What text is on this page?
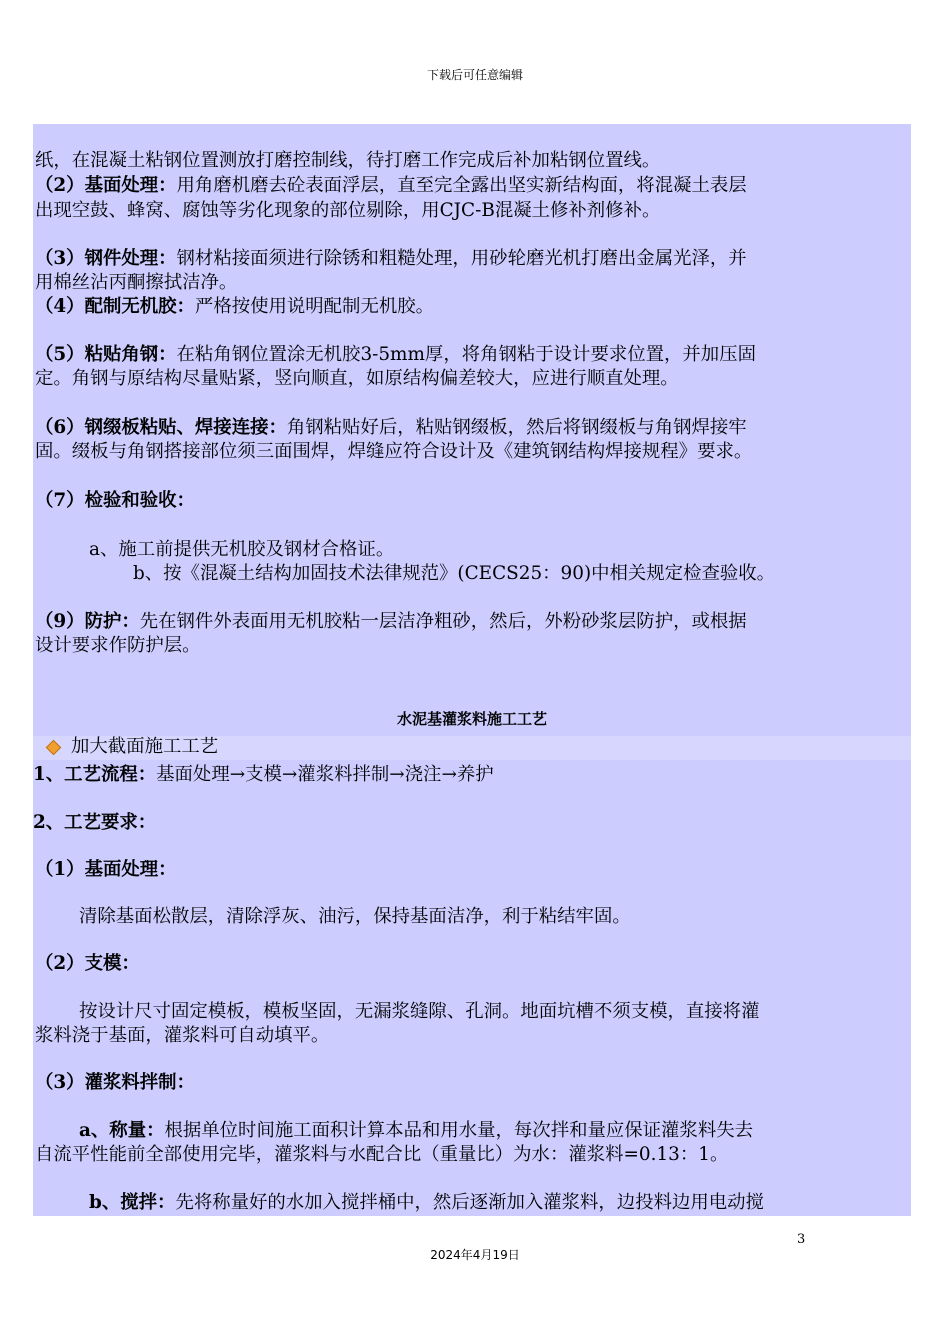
下载后可任意编辑
纸，在混凝土粘钢位置测放打磨控制线，待打磨工作完成后补加粘钢位置线。
（2）基面处理：用角磨机磨去砼表面浮层，直至完全露出坚实新结构面，将混凝土表层
出现空鼓、蜂窝、腐蚀等劣化现象的部位剔除，用CJC-B混凝土修补剂修补。
（3）钢件处理：钢材粘接面须进行除锈和粗糙处理，用砂轮磨光机打磨出金属光泽，并
用棉丝沾丙酮擦拭洁净。
（4）配制无机胶：严格按使用说明配制无机胶。
（5）粘贴角钢：在粘角钢位置涂无机胶3-5mm厚，将角钢粘于设计要求位置，并加压固
定。角钢与原结构尽量贴紧，竖向顺直，如原结构偏差较大，应进行顺直处理。
（6）钢缀板粘贴、焊接连接：角钢粘贴好后，粘贴钢缀板，然后将钢缀板与角钢焊接牢
固。缀板与角钢搭接部位须三面围焊，焊缝应符合设计及《建筑钢结构焊接规程》要求。
（7）检验和验收：
a、施工前提供无机胶及钢材合格证。
b、按《混凝土结构加固技术法律规范》(CECS25：90)中相关规定检查验收。
（9）防护：先在钢件外表面用无机胶粘一层洁净粗砂，然后，外粉砂浆层防护，或根据
设计要求作防护层。
水泥基灌浆料施工工艺
加大截面施工工艺
1、工艺流程：基面处理→支模→灌浆料拌制→浇注→养护
2、工艺要求：
（1）基面处理：
清除基面松散层，清除浮灰、油污，保持基面洁净，利于粘结牢固。
（2）支模：
按设计尺寸固定模板，模板坚固，无漏浆缝隙、孔洞。地面坑槽不须支模，直接将灌
浆料浇于基面，灌浆料可自动填平。
（3）灌浆料拌制：
a、称量：根据单位时间施工面积计算本品和用水量，每次拌和量应保证灌浆料失去
自流平性能前全部使用完毕，灌浆料与水配合比（重量比）为水：灌浆料=0.13：1。
b、搅拌：先将称量好的水加入搅拌桶中，然后逐渐加入灌浆料，边投料边用电动搅
3
2024年4月19日
